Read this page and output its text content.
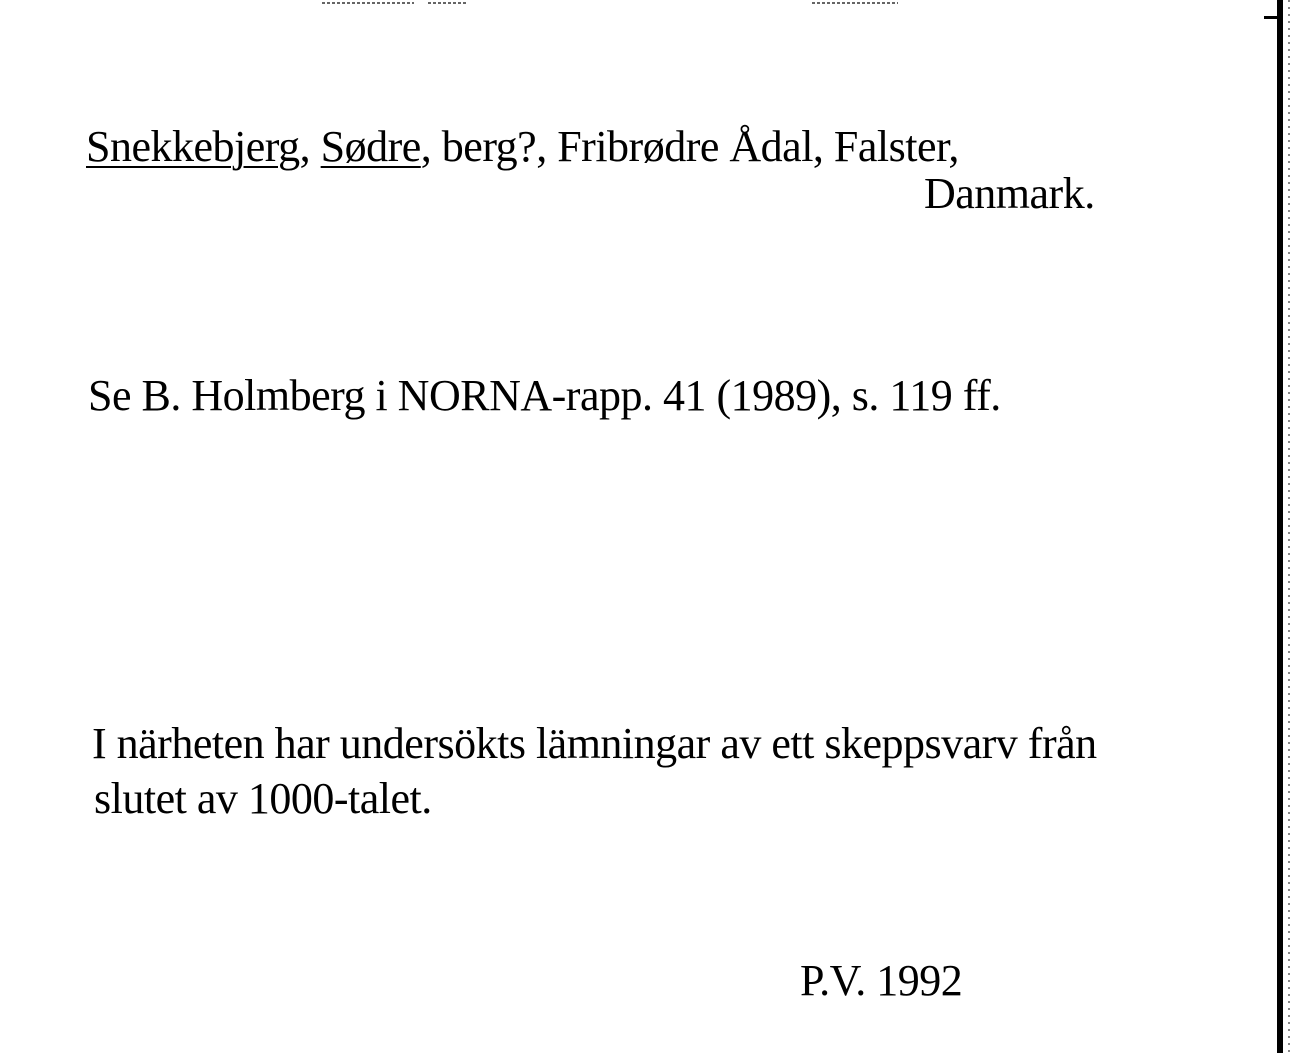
Snekkebjerg, Sødre, berg?, Fribrødre Ådal, Falster,
Danmark.
Se B. Holmberg i NORNA-rapp. 41 (1989), s. 119 ff.
I närheten har undersökts lämningar av ett skeppsvarv från
slutet av 1000-talet.
P.V. 1992
